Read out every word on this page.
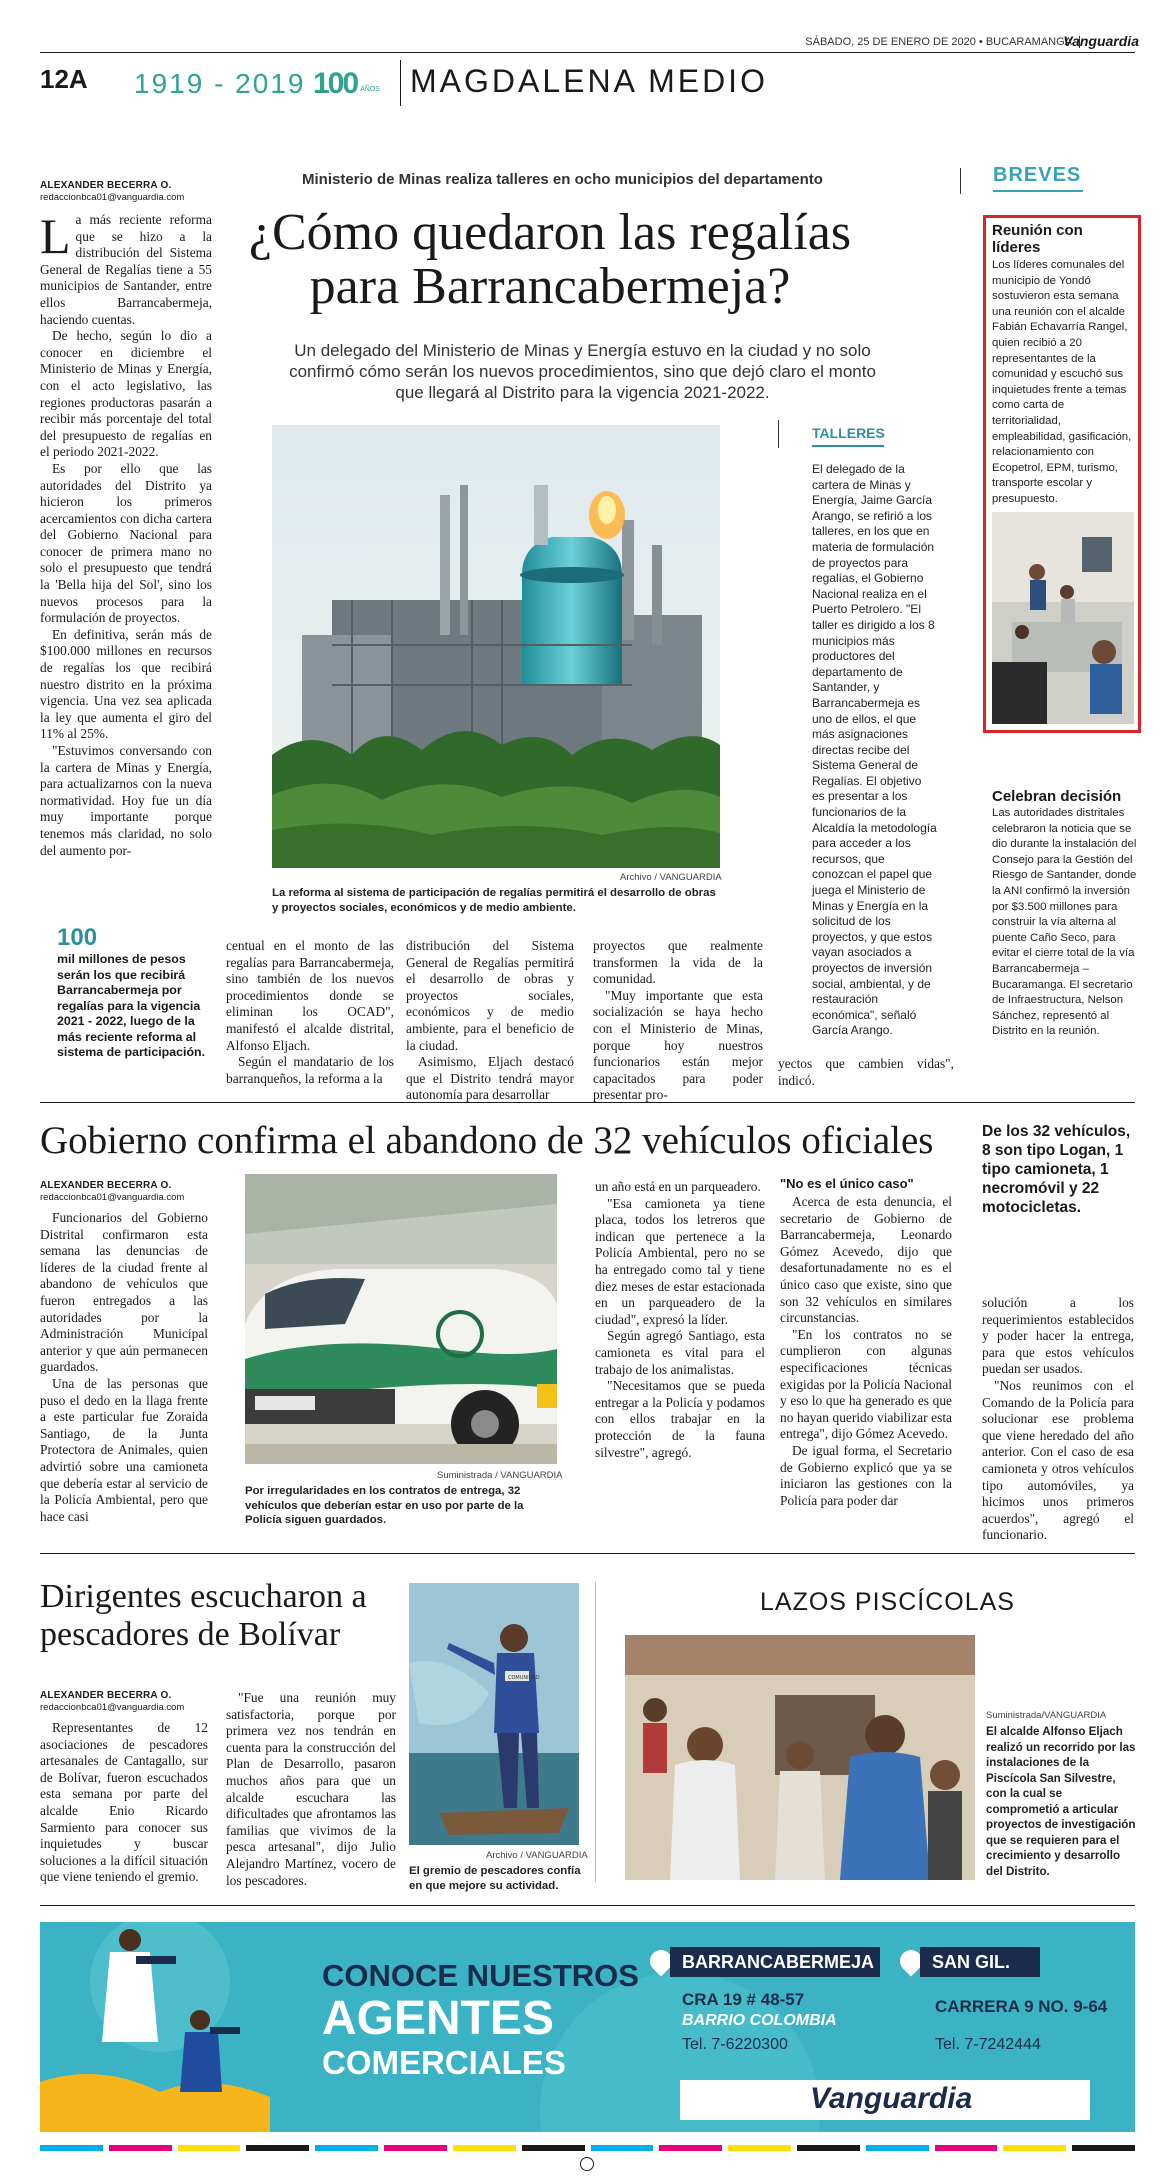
SÁBADO, 25 DE ENERO DE 2020 • BUCARAMANGA
Vanguardia
12A 1919 - 2019 100 AÑOS MAGDALENA MEDIO
ALEXANDER BECERRA O.
redaccionbca01@vanguardia.com

La más reciente reforma que se hizo a la distribución del Sistema General de Regalías tiene a 55 municipios de Santander, entre ellos Barrancabermeja, haciendo cuentas.

De hecho, según lo dio a conocer en diciembre el Ministerio de Minas y Energía, con el acto legislativo, las regiones productoras pasarán a recibir más porcentaje del total del presupuesto de regalías en el periodo 2021-2022.

Es por ello que las autoridades del Distrito ya hicieron los primeros acercamientos con dicha cartera del Gobierno Nacional para conocer de primera mano no solo el presupuesto que tendrá la 'Bella hija del Sol', sino los nuevos procesos para la formulación de proyectos.

En definitiva, serán más de $100.000 millones en recursos de regalías los que recibirá nuestro distrito en la próxima vigencia. Una vez sea aplicada la ley que aumenta el giro del 11% al 25%.

"Estuvimos conversando con la cartera de Minas y Energía, para actualizarnos con la nueva normatividad. Hoy fue un día muy importante porque tenemos más claridad, no solo del aumento por-

Ministerio de Minas realiza talleres en ocho municipios del departamento
¿Cómo quedaron las regalías para Barrancabermeja?
Un delegado del Ministerio de Minas y Energía estuvo en la ciudad y no solo confirmó cómo serán los nuevos procedimientos, sino que dejó claro el monto que llegará al Distrito para la vigencia 2021-2022.
Archivo / VANGUARDIA
La reforma al sistema de participación de regalías permitirá el desarrollo de obras y proyectos sociales, económicos y de medio ambiente.
100
mil millones de pesos serán los que recibirá Barrancabermeja por regalías para la vigencia 2021 - 2022, luego de la más reciente reforma al sistema de participación.

centual en el monto de las regalías para Barrancabermeja, sino también de los nuevos procedimientos donde se eliminan los OCAD", manifestó el alcalde distrital, Alfonso Eljach.

Según el mandatario de los barranqueños, la reforma a la

distribución del Sistema General de Regalías permitirá el desarrollo de obras y proyectos sociales, económicos y de medio ambiente, para el beneficio de la ciudad.

Asimismo, Eljach destacó que el Distrito tendrá mayor autonomía para desarrollar

proyectos que realmente transformen la vida de la comunidad.

"Muy importante que esta socialización se haya hecho con el Ministerio de Minas, porque hoy nuestros funcionarios están mejor capacitados para poder presentar pro-

yectos que cambien vidas", indicó.

TALLERES
El delegado de la cartera de Minas y Energía, Jaime García Arango, se refirió a los talleres, en los que en materia de formulación de proyectos para regalías, el Gobierno Nacional realiza en el Puerto Petrolero. "El taller es dirigido a los 8 municipios más productores del departamento de Santander, y Barrancabermeja es uno de ellos, el que más asignaciones directas recibe del Sistema General de Regalías. El objetivo es presentar a los funcionarios de la Alcaldía la metodología para acceder a los recursos, que conozcan el papel que juega el Ministerio de Minas y Energía en la solicitud de los proyectos, y que estos vayan asociados a proyectos de inversión social, ambiental, y de restauración económica", señaló García Arango.
BREVES
Reunión con líderes
Los líderes comunales del municipio de Yondó sostuvieron esta semana una reunión con el alcalde Fabián Echavarría Rangel, quien recibió a 20 representantes de la comunidad y escuchó sus inquietudes frente a temas como carta de territorialidad, empleabilidad, gasificación, relacionamiento con Ecopetrol, EPM, turismo, transporte escolar y presupuesto.
Celebran decisión
Las autoridades distritales celebraron la noticia que se dio durante la instalación del Consejo para la Gestión del Riesgo de Santander, donde la ANI confirmó la inversión por $3.500 millones para construir la vía alterna al puente Caño Seco, para evitar el cierre total de la vía Barrancabermeja – Bucaramanga. El secretario de Infraestructura, Nelson Sánchez, representó al Distrito en la reunión.
Gobierno confirma el abandono de 32 vehículos oficiales
ALEXANDER BECERRA O.
redaccionbca01@vanguardia.com

Funcionarios del Gobierno Distrital confirmaron esta semana las denuncias de líderes de la ciudad frente al abandono de vehículos que fueron entregados a las autoridades por la Administración Municipal anterior y que aún permanecen guardados.

Una de las personas que puso el dedo en la llaga frente a este particular fue Zoraida Santiago, de la Junta Protectora de Animales, quien advirtió sobre una camioneta que debería estar al servicio de la Policía Ambiental, pero que hace casi

Suministrada / VANGUARDIA
Por irregularidades en los contratos de entrega, 32 vehículos que deberían estar en uso por parte de la Policía siguen guardados.

un año está en un parqueadero.

"Esa camioneta ya tiene placa, todos los letreros que indican que pertenece a la Policía Ambiental, pero no se ha entregado como tal y tiene diez meses de estar estacionada en un parqueadero de la ciudad", expresó la líder.

Según agregó Santiago, esta camioneta es vital para el trabajo de los animalistas.

"Necesitamos que se pueda entregar a la Policía y podamos con ellos trabajar en la protección de la fauna silvestre", agregó.

"No es el único caso"

Acerca de esta denuncia, el secretario de Gobierno de Barrancabermeja, Leonardo Gómez Acevedo, dijo que desafortunadamente no es el único caso que existe, sino que son 32 vehículos en similares circunstancias.

"En los contratos no se cumplieron con algunas especificaciones técnicas exigidas por la Policía Nacional y eso lo que ha generado es que no hayan querido viabilizar esta entrega", dijo Gómez Acevedo.

De igual forma, el Secretario de Gobierno explicó que ya se iniciaron las gestiones con la Policía para poder dar

De los 32 vehículos, 8 son tipo Logan, 1 tipo camioneta, 1 necromóvil y 22 motocicletas.

solución a los requerimientos establecidos y poder hacer la entrega, para que estos vehículos puedan ser usados.

"Nos reunimos con el Comando de la Policía para solucionar ese problema que viene heredado del año anterior. Con el caso de esa camioneta y otros vehículos tipo automóviles, ya hicimos unos primeros acuerdos", agregó el funcionario.

Dirigentes escucharon a pescadores de Bolívar
ALEXANDER BECERRA O.
redaccionbca01@vanguardia.com

Representantes de 12 asociaciones de pescadores artesanales de Cantagallo, sur de Bolívar, fueron escuchados esta semana por parte del alcalde Enio Ricardo Sarmiento para conocer sus inquietudes y buscar soluciones a la difícil situación que viene teniendo el gremio.

"Fue una reunión muy satisfactoria, porque por primera vez nos tendrán en cuenta para la construcción del Plan de Desarrollo, pasaron muchos años para que un alcalde escuchara las dificultades que afrontamos las familias que vivimos de la pesca artesanal", dijo Julio Alejandro Martínez, vocero de los pescadores.

COMUNIDAD
Archivo / VANGUARDIA
El gremio de pescadores confía en que mejore su actividad.
LAZOS PISCÍCOLAS
Suministrada/VANGUARDIA
El alcalde Alfonso Eljach realizó un recorrido por las instalaciones de la Piscícola San Silvestre, con la cual se comprometió a articular proyectos de investigación que se requieren para el crecimiento y desarrollo del Distrito.
CONOCE NUESTROS
AGENTES
COMERCIALES
BARRANCABERMEJA
CRA 19 # 48-57
BARRIO COLOMBIA
Tel. 7-6220300
SAN GIL.
CARRERA 9 NO. 9-64
Tel. 7-7242444
Vanguardia
